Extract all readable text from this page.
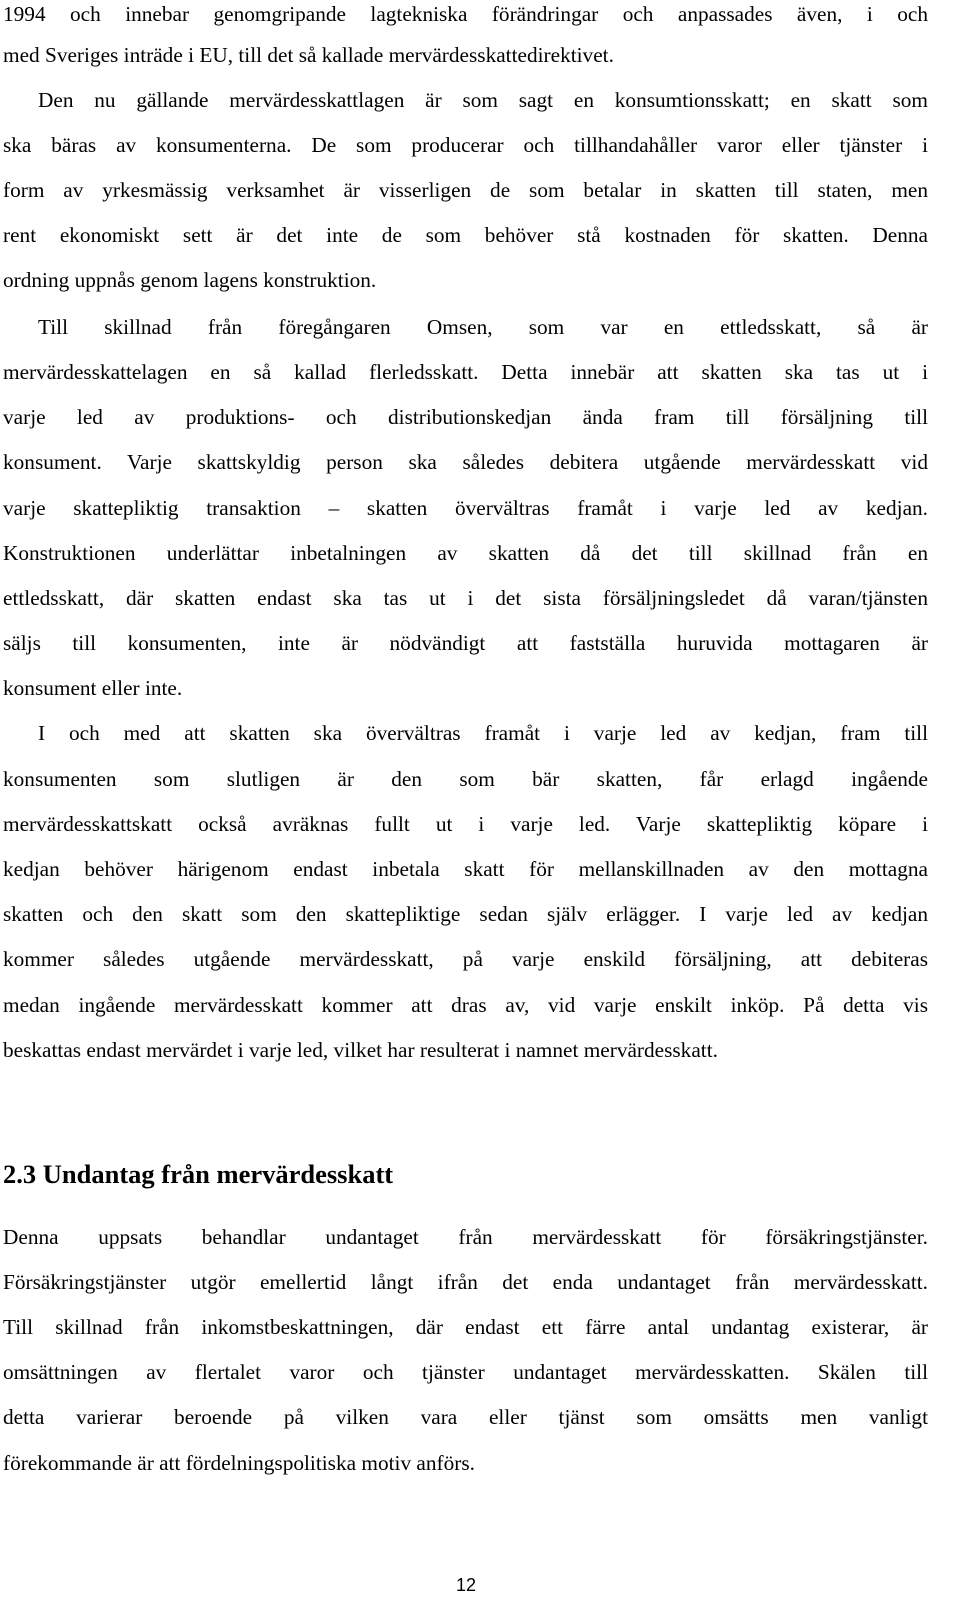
1994 och innebar genomgripande lagtekniska förändringar och anpassades även, i och
med Sveriges inträde i EU, till det så kallade mervärdesskattedirektivet.
Den nu gällande mervärdesskattlagen är som sagt en konsumtionsskatt; en skatt som
ska bäras av konsumenterna. De som producerar och tillhandahåller varor eller tjänster i
form av yrkesmässig verksamhet är visserligen de som betalar in skatten till staten, men
rent ekonomiskt sett är det inte de som behöver stå kostnaden för skatten. Denna
ordning uppnås genom lagens konstruktion.
Till skillnad från föregångaren Omsen, som var en ettledsskatt, så är
mervärdesskattelagen en så kallad flerledsskatt. Detta innebär att skatten ska tas ut i
varje led av produktions- och distributionskedjan ända fram till försäljning till
konsument. Varje skattskyldig person ska således debitera utgående mervärdesskatt vid
varje skattepliktig transaktion – skatten övervältras framåt i varje led av kedjan.
Konstruktionen underlättar inbetalningen av skatten då det till skillnad från en
ettledsskatt, där skatten endast ska tas ut i det sista försäljningsledet då varan/tjänsten
säljs till konsumenten, inte är nödvändigt att fastställa huruvida mottagaren är
konsument eller inte.
I och med att skatten ska övervältras framåt i varje led av kedjan, fram till
konsumenten som slutligen är den som bär skatten, får erlagd ingående
mervärdesskattskatt också avräknas fullt ut i varje led. Varje skattepliktig köpare i
kedjan behöver härigenom endast inbetala skatt för mellanskillnaden av den mottagna
skatten och den skatt som den skattepliktige sedan själv erlägger. I varje led av kedjan
kommer således utgående mervärdesskatt, på varje enskild försäljning, att debiteras
medan ingående mervärdesskatt kommer att dras av, vid varje enskilt inköp. På detta vis
beskattas endast mervärdet i varje led, vilket har resulterat i namnet mervärdesskatt.
2.3 Undantag från mervärdesskatt
Denna uppsats behandlar undantaget från mervärdesskatt för försäkringstjänster.
Försäkringstjänster utgör emellertid långt ifrån det enda undantaget från mervärdesskatt.
Till skillnad från inkomstbeskattningen, där endast ett färre antal undantag existerar, är
omsättningen av flertalet varor och tjänster undantaget mervärdesskatten. Skälen till
detta varierar beroende på vilken vara eller tjänst som omsätts men vanligt
förekommande är att fördelningspolitiska motiv anförs.
12
